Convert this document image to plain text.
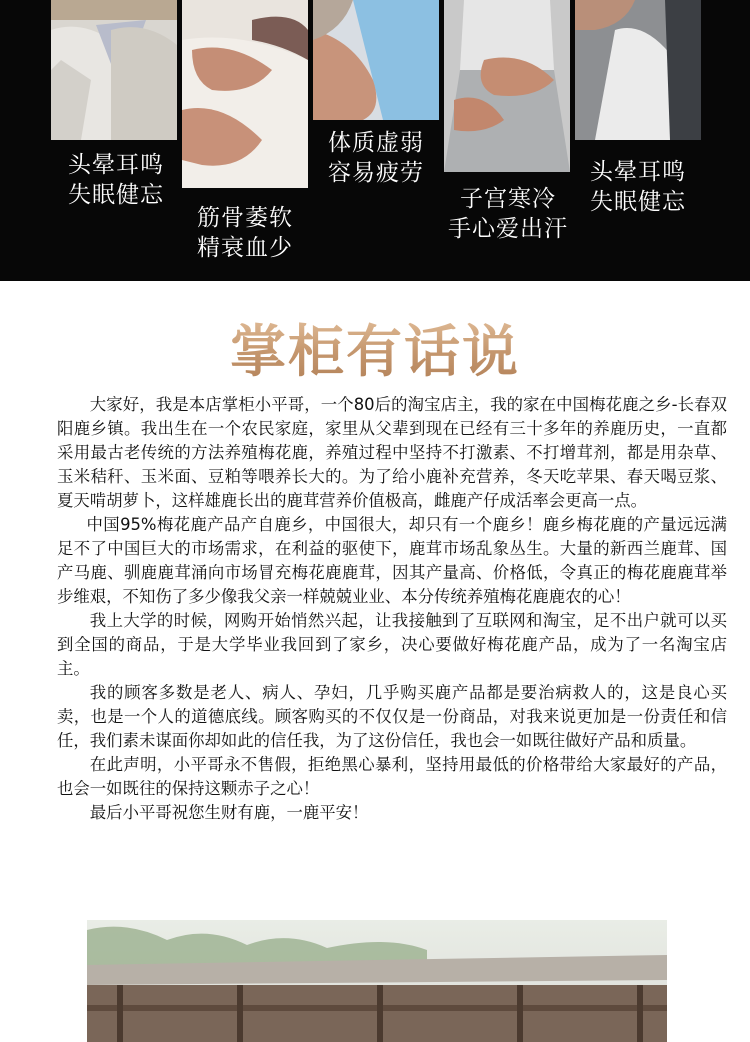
头晕耳鸣
失眠健忘
筋骨萎软
精衰血少
体质虚弱
容易疲劳
子宫寒冷
手心爱出汗
头晕耳鸣
失眠健忘
掌柜有话说

大家好，我是本店掌柜小平哥，一个80后的淘宝店主，我的家在中国梅花鹿之乡-长春双阳鹿乡镇。我出生在一个农民家庭，家里从父辈到现在已经有三十多年的养鹿历史，一直都采用最古老传统的方法养殖梅花鹿，养殖过程中坚持不打激素、不打增茸剂，都是用杂草、玉米秸秆、玉米面、豆粕等喂养长大的。为了给小鹿补充营养，冬天吃苹果、春天喝豆浆、夏天啃胡萝卜，这样雄鹿长出的鹿茸营养价值极高，雌鹿产仔成活率会更高一点。

中国95%梅花鹿产品产自鹿乡，中国很大，却只有一个鹿乡！鹿乡梅花鹿的产量远远满足不了中国巨大的市场需求，在利益的驱使下，鹿茸市场乱象丛生。大量的新西兰鹿茸、国产马鹿、驯鹿鹿茸涌向市场冒充梅花鹿鹿茸，因其产量高、价格低，令真正的梅花鹿鹿茸举步维艰，不知伤了多少像我父亲一样兢兢业业、本分传统养殖梅花鹿鹿农的心！

我上大学的时候，网购开始悄然兴起，让我接触到了互联网和淘宝，足不出户就可以买到全国的商品，于是大学毕业我回到了家乡，决心要做好梅花鹿产品，成为了一名淘宝店主。

我的顾客多数是老人、病人、孕妇，几乎购买鹿产品都是要治病救人的，这是良心买卖，也是一个人的道德底线。顾客购买的不仅仅是一份商品，对我来说更加是一份责任和信任，我们素未谋面你却如此的信任我，为了这份信任，我也会一如既往做好产品和质量。

在此声明，小平哥永不售假，拒绝黑心暴利，坚持用最低的价格带给大家最好的产品，也会一如既往的保持这颗赤子之心！

最后小平哥祝您生财有鹿，一鹿平安！
